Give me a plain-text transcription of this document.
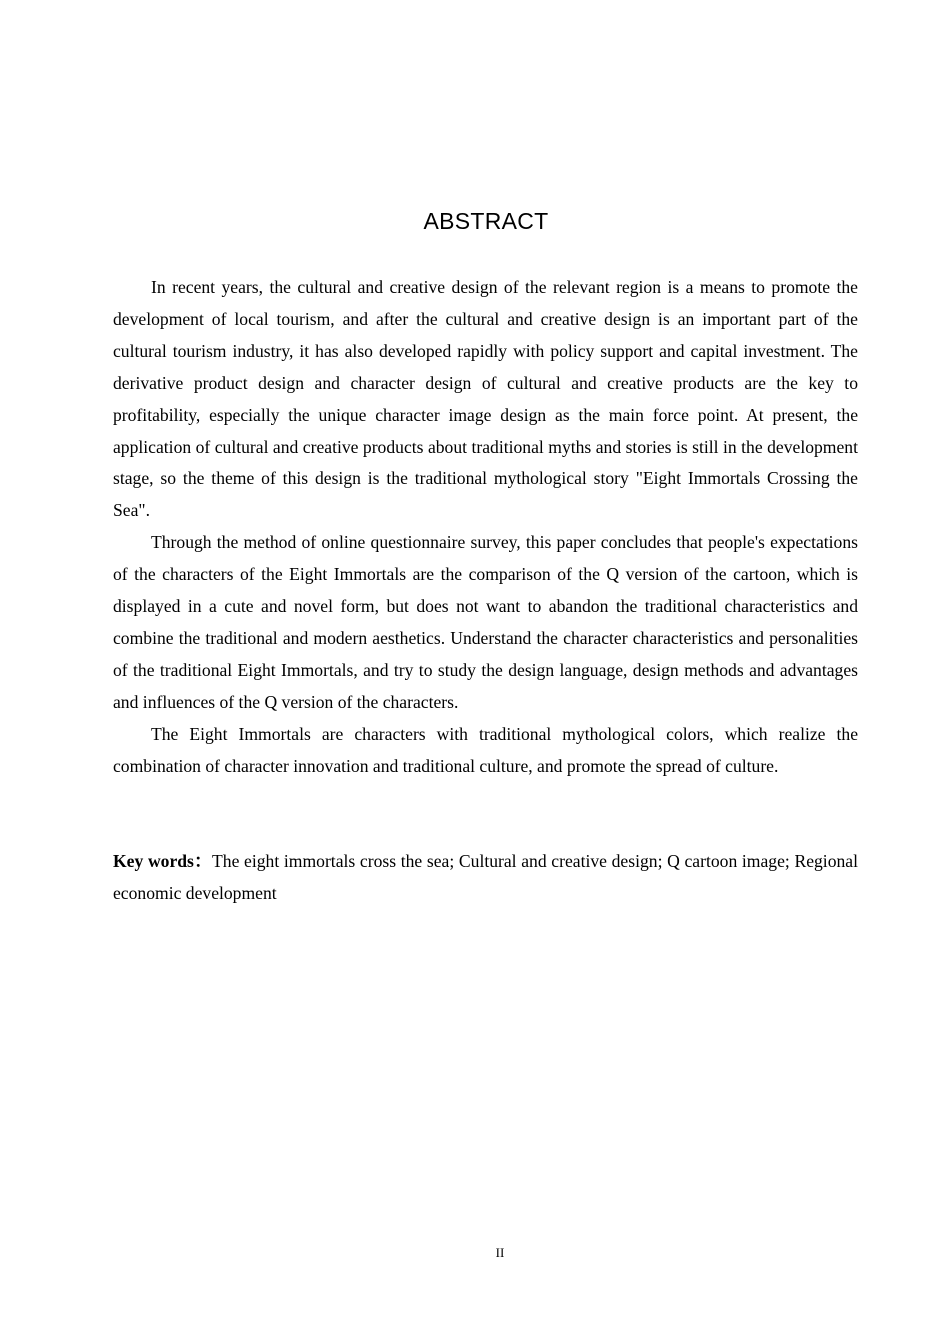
ABSTRACT

In recent years, the cultural and creative design of the relevant region is a means to promote the development of local tourism, and after the cultural and creative design is an important part of the cultural tourism industry, it has also developed rapidly with policy support and capital investment. The derivative product design and character design of cultural and creative products are the key to profitability, especially the unique character image design as the main force point. At present, the application of cultural and creative products about traditional myths and stories is still in the development stage, so the theme of this design is the traditional mythological story "Eight Immortals Crossing the Sea".

Through the method of online questionnaire survey, this paper concludes that people's expectations of the characters of the Eight Immortals are the comparison of the Q version of the cartoon, which is displayed in a cute and novel form, but does not want to abandon the traditional characteristics and combine the traditional and modern aesthetics. Understand the character characteristics and personalities of the traditional Eight Immortals, and try to study the design language, design methods and advantages and influences of the Q version of the characters.

The Eight Immortals are characters with traditional mythological colors, which realize the combination of character innovation and traditional culture, and promote the spread of culture.

Key words：The eight immortals cross the sea; Cultural and creative design; Q cartoon image; Regional economic development
II
